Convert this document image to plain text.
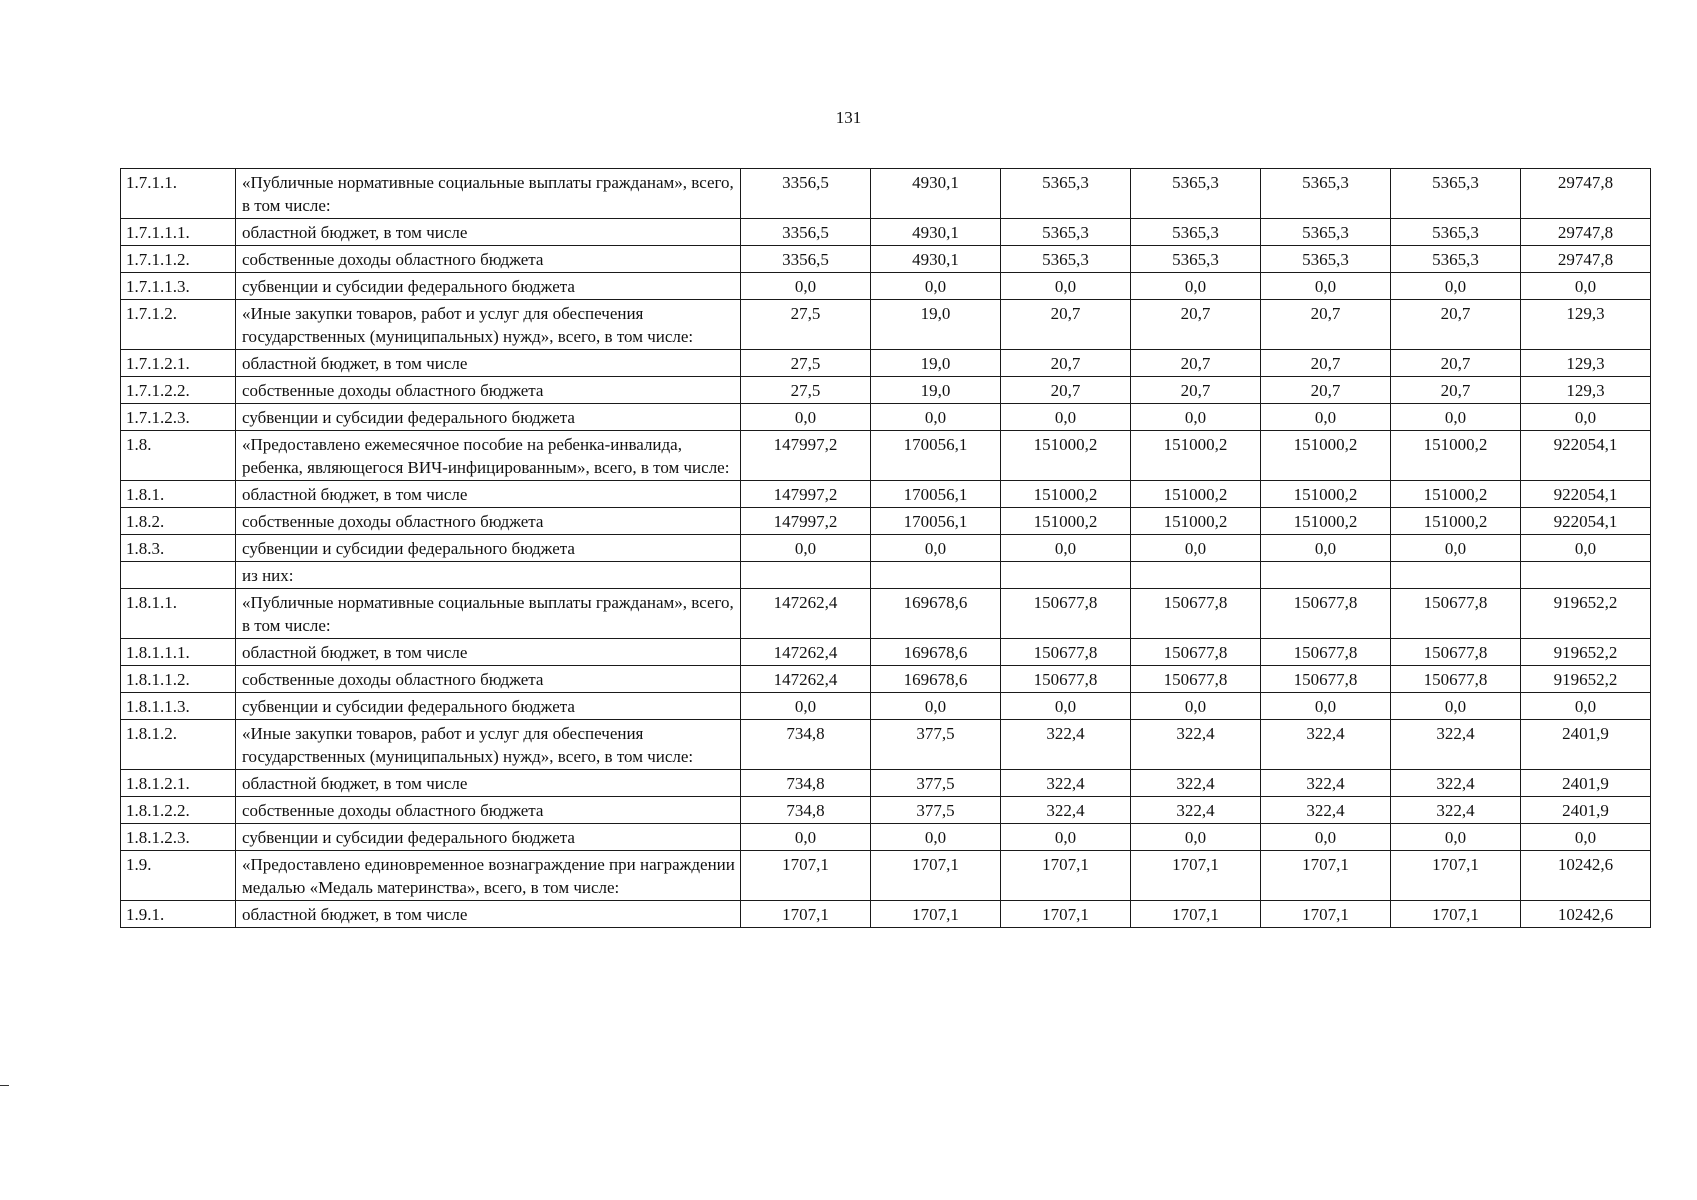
131
1.7.1.1.	«Публичные нормативные социальные выплаты гражданам», всего, в том числе:	3356,5	4930,1	5365,3	5365,3	5365,3	5365,3	29747,8
1.7.1.1.1.	областной бюджет, в том числе	3356,5	4930,1	5365,3	5365,3	5365,3	5365,3	29747,8
1.7.1.1.2.	собственные доходы областного бюджета	3356,5	4930,1	5365,3	5365,3	5365,3	5365,3	29747,8
1.7.1.1.3.	субвенции и субсидии федерального бюджета	0,0	0,0	0,0	0,0	0,0	0,0	0,0
1.7.1.2.	«Иные закупки товаров, работ и услуг для обеспечения государственных (муниципальных) нужд», всего, в том числе:	27,5	19,0	20,7	20,7	20,7	20,7	129,3
1.7.1.2.1.	областной бюджет, в том числе	27,5	19,0	20,7	20,7	20,7	20,7	129,3
1.7.1.2.2.	собственные доходы областного бюджета	27,5	19,0	20,7	20,7	20,7	20,7	129,3
1.7.1.2.3.	субвенции и субсидии федерального бюджета	0,0	0,0	0,0	0,0	0,0	0,0	0,0
1.8.	«Предоставлено ежемесячное пособие на ребенка-инвалида, ребенка, являющегося ВИЧ-инфицированным», всего, в том числе:	147997,2	170056,1	151000,2	151000,2	151000,2	151000,2	922054,1
1.8.1.	областной бюджет, в том числе	147997,2	170056,1	151000,2	151000,2	151000,2	151000,2	922054,1
1.8.2.	собственные доходы областного бюджета	147997,2	170056,1	151000,2	151000,2	151000,2	151000,2	922054,1
1.8.3.	субвенции и субсидии федерального бюджета	0,0	0,0	0,0	0,0	0,0	0,0	0,0
	из них:							
1.8.1.1.	«Публичные нормативные социальные выплаты гражданам», всего, в том числе:	147262,4	169678,6	150677,8	150677,8	150677,8	150677,8	919652,2
1.8.1.1.1.	областной бюджет, в том числе	147262,4	169678,6	150677,8	150677,8	150677,8	150677,8	919652,2
1.8.1.1.2.	собственные доходы областного бюджета	147262,4	169678,6	150677,8	150677,8	150677,8	150677,8	919652,2
1.8.1.1.3.	субвенции и субсидии федерального бюджета	0,0	0,0	0,0	0,0	0,0	0,0	0,0
1.8.1.2.	«Иные закупки товаров, работ и услуг для обеспечения государственных (муниципальных) нужд», всего, в том числе:	734,8	377,5	322,4	322,4	322,4	322,4	2401,9
1.8.1.2.1.	областной бюджет, в том числе	734,8	377,5	322,4	322,4	322,4	322,4	2401,9
1.8.1.2.2.	собственные доходы областного бюджета	734,8	377,5	322,4	322,4	322,4	322,4	2401,9
1.8.1.2.3.	субвенции и субсидии федерального бюджета	0,0	0,0	0,0	0,0	0,0	0,0	0,0
1.9.	«Предоставлено единовременное вознаграждение при награждении медалью «Медаль материнства», всего, в том числе:	1707,1	1707,1	1707,1	1707,1	1707,1	1707,1	10242,6
1.9.1.	областной бюджет, в том числе	1707,1	1707,1	1707,1	1707,1	1707,1	1707,1	10242,6
